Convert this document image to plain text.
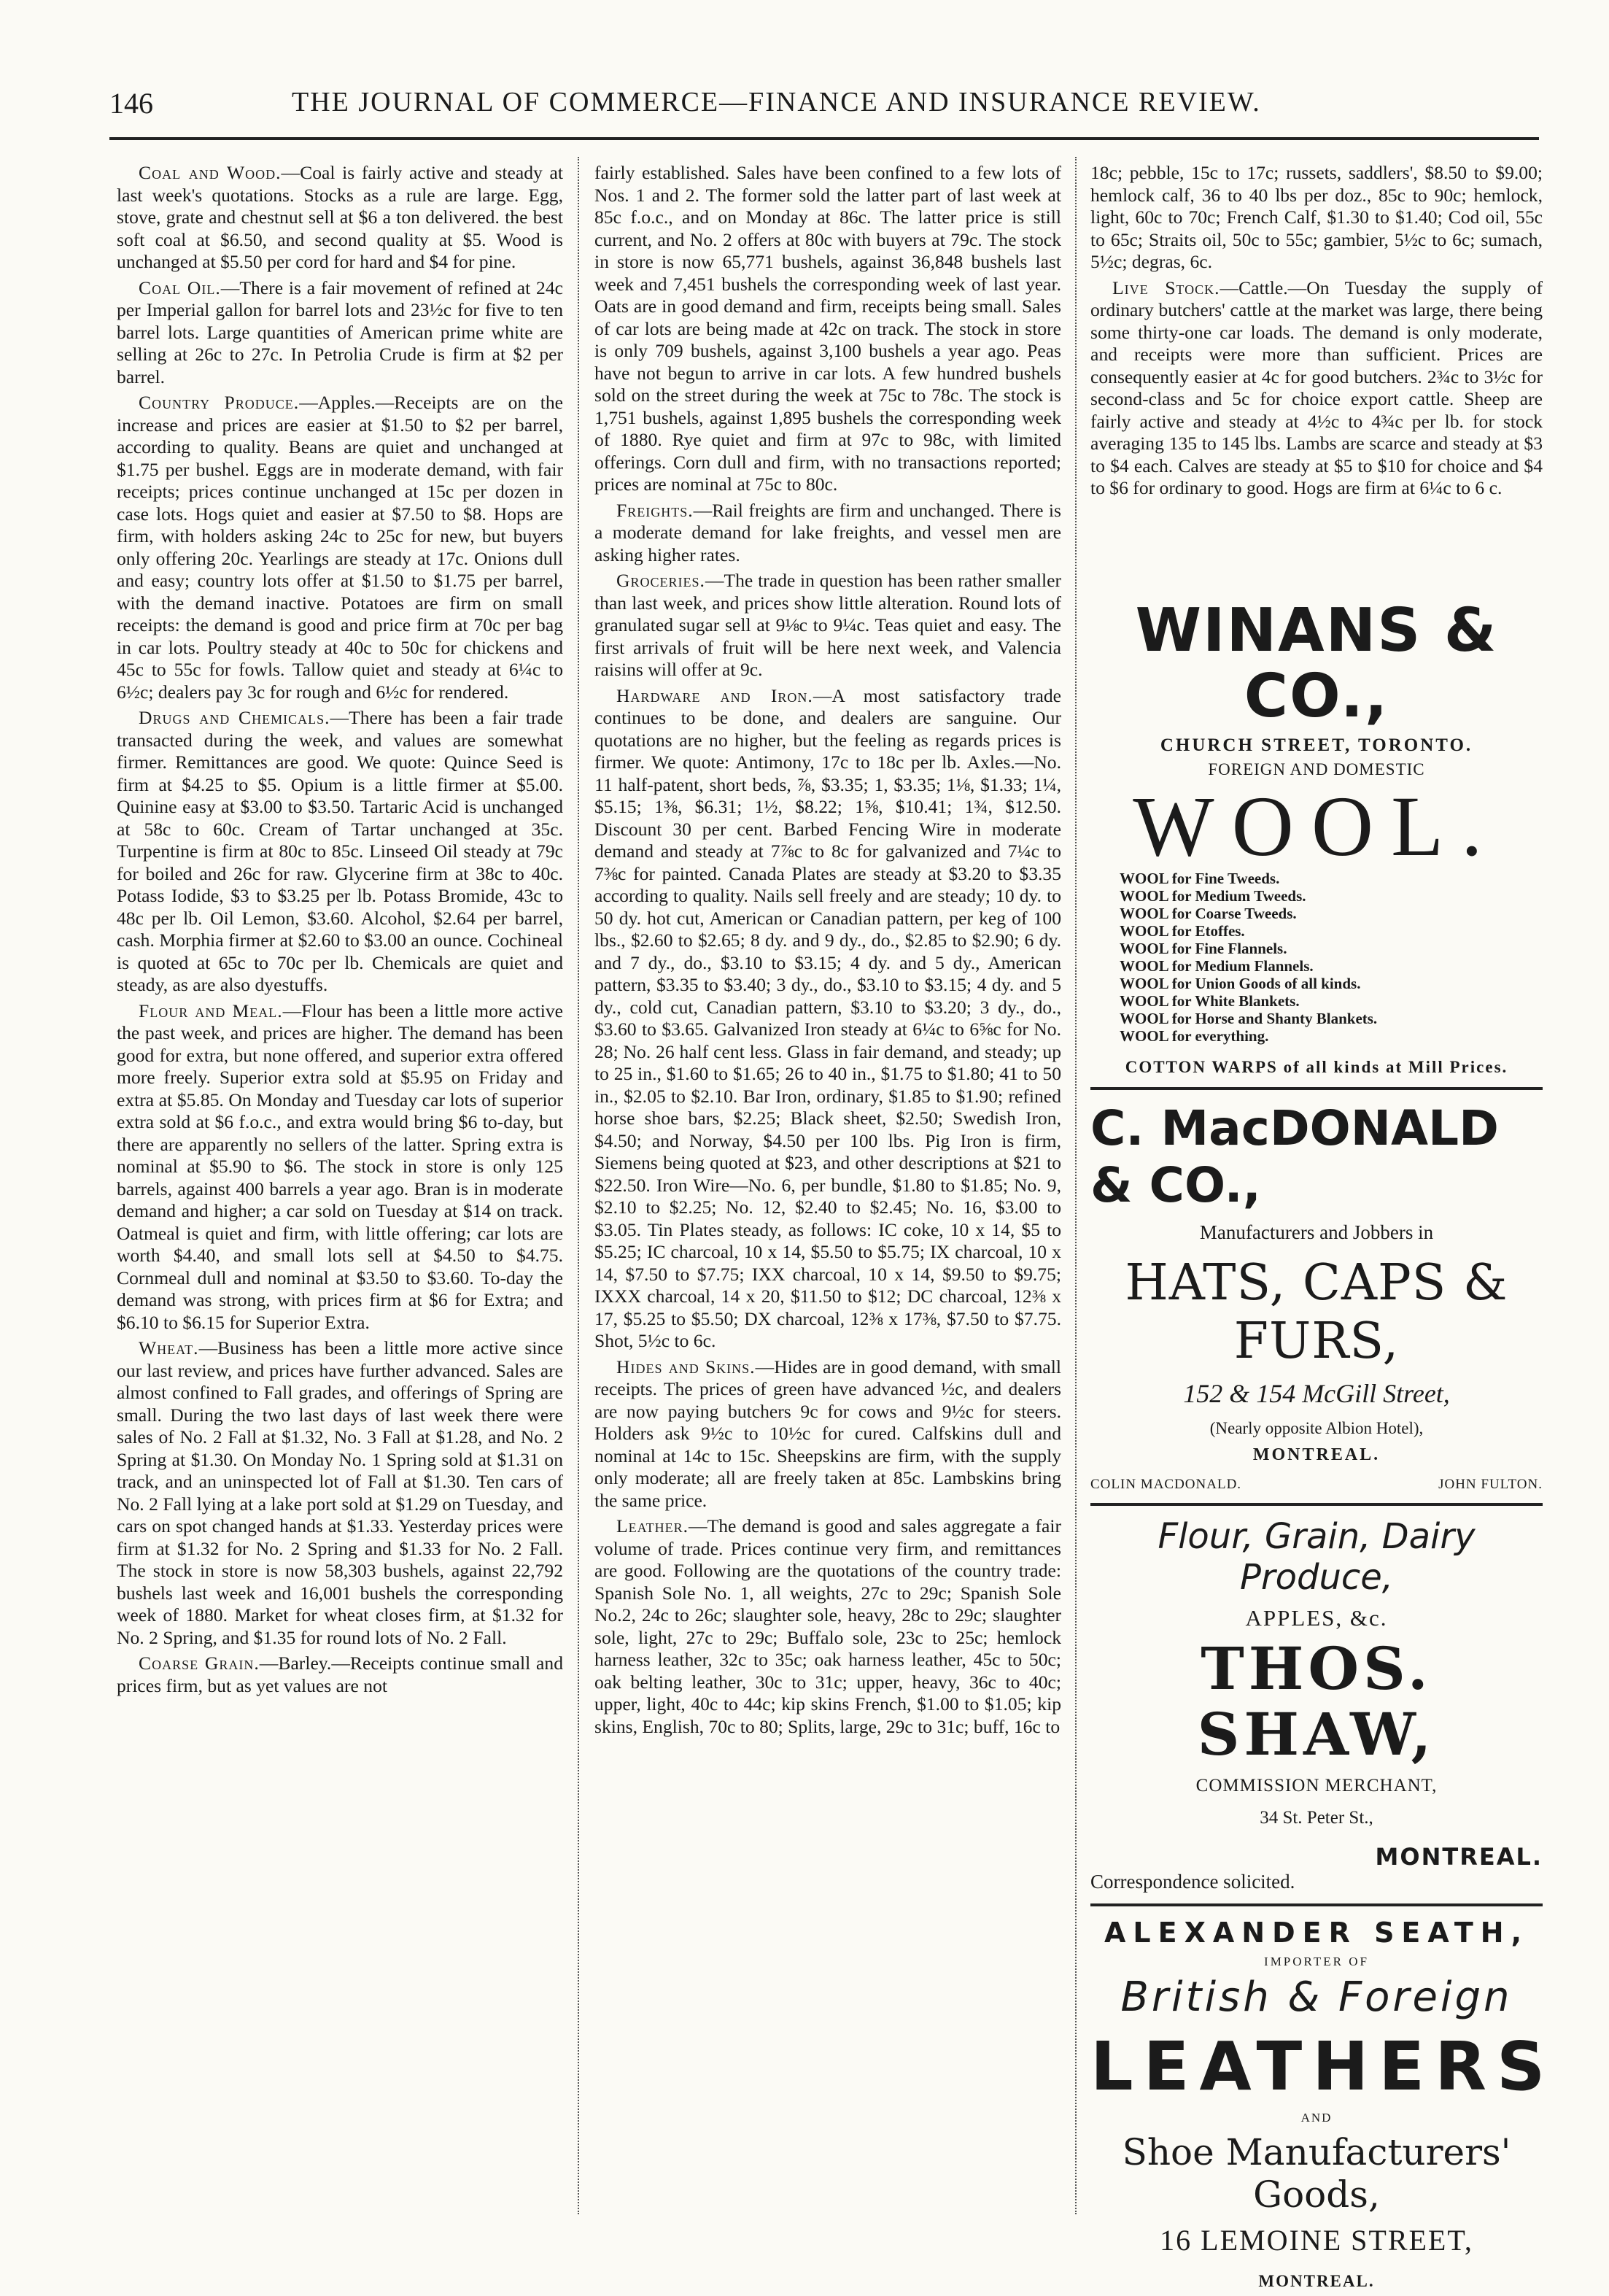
146	THE JOURNAL OF COMMERCE—FINANCE AND INSURANCE REVIEW.

Coal and Wood.—Coal is fairly active and steady at last week's quotations. Stocks as a rule are large. Egg, stove, grate and chestnut sell at $6 a ton delivered. the best soft coal at $6.50, and second quality at $5. Wood is unchanged at $5.50 per cord for hard and $4 for pine.

Coal Oil.—There is a fair movement of refined at 24c per Imperial gallon for barrel lots and 23½c for five to ten barrel lots. Large quantities of American prime white are selling at 26c to 27c. In Petrolia Crude is firm at $2 per barrel.

Country Produce.—Apples.—Receipts are on the increase and prices are easier at $1.50 to $2 per barrel, according to quality. Beans are quiet and unchanged at $1.75 per bushel. Eggs are in moderate demand, with fair receipts; prices continue unchanged at 15c per dozen in case lots. Hogs quiet and easier at $7.50 to $8. Hops are firm, with holders asking 24c to 25c for new, but buyers only offering 20c. Yearlings are steady at 17c. Onions dull and easy; country lots offer at $1.50 to $1.75 per barrel, with the demand inactive. Potatoes are firm on small receipts: the demand is good and price firm at 70c per bag in car lots. Poultry steady at 40c to 50c for chickens and 45c to 55c for fowls. Tallow quiet and steady at 6¼c to 6½c; dealers pay 3c for rough and 6½c for rendered.

Drugs and Chemicals.—There has been a fair trade transacted during the week, and values are somewhat firmer. Remittances are good. We quote: Quince Seed is firm at $4.25 to $5. Opium is a little firmer at $5.00. Quinine easy at $3.00 to $3.50. Tartaric Acid is unchanged at 58c to 60c. Cream of Tartar unchanged at 35c. Turpentine is firm at 80c to 85c. Linseed Oil steady at 79c for boiled and 26c for raw. Glycerine firm at 38c to 40c. Potass Iodide, $3 to $3.25 per lb. Potass Bromide, 43c to 48c per lb. Oil Lemon, $3.60. Alcohol, $2.64 per barrel, cash. Morphia firmer at $2.60 to $3.00 an ounce. Cochineal is quoted at 65c to 70c per lb. Chemicals are quiet and steady, as are also dyestuffs.

Flour and Meal.—Flour has been a little more active the past week, and prices are higher. The demand has been good for extra, but none offered, and superior extra offered more freely. Superior extra sold at $5.95 on Friday and extra at $5.85. On Monday and Tuesday car lots of superior extra sold at $6 f.o.c., and extra would bring $6 to-day, but there are apparently no sellers of the latter. Spring extra is nominal at $5.90 to $6. The stock in store is only 125 barrels, against 400 barrels a year ago. Bran is in moderate demand and higher; a car sold on Tuesday at $14 on track. Oatmeal is quiet and firm, with little offering; car lots are worth $4.40, and small lots sell at $4.50 to $4.75. Cornmeal dull and nominal at $3.50 to $3.60. To-day the demand was strong, with prices firm at $6 for Extra; and $6.10 to $6.15 for Superior Extra.

Wheat.—Business has been a little more active since our last review, and prices have further advanced. Sales are almost confined to Fall grades, and offerings of Spring are small. During the two last days of last week there were sales of No. 2 Fall at $1.32, No. 3 Fall at $1.28, and No. 2 Spring at $1.30. On Monday No. 1 Spring sold at $1.31 on track, and an uninspected lot of Fall at $1.30. Ten cars of No. 2 Fall lying at a lake port sold at $1.29 on Tuesday, and cars on spot changed hands at $1.33. Yesterday prices were firm at $1.32 for No. 2 Spring and $1.33 for No. 2 Fall. The stock in store is now 58,303 bushels, against 22,792 bushels last week and 16,001 bushels the corresponding week of 1880. Market for wheat closes firm, at $1.32 for No. 2 Spring, and $1.35 for round lots of No. 2 Fall.

Coarse Grain.—Barley.—Receipts continue small and prices firm, but as yet values are not

fairly established. Sales have been confined to a few lots of Nos. 1 and 2. The former sold the latter part of last week at 85c f.o.c., and on Monday at 86c. The latter price is still current, and No. 2 offers at 80c with buyers at 79c. The stock in store is now 65,771 bushels, against 36,848 bushels last week and 7,451 bushels the corresponding week of last year. Oats are in good demand and firm, receipts being small. Sales of car lots are being made at 42c on track. The stock in store is only 709 bushels, against 3,100 bushels a year ago. Peas have not begun to arrive in car lots. A few hundred bushels sold on the street during the week at 75c to 78c. The stock is 1,751 bushels, against 1,895 bushels the corresponding week of 1880. Rye quiet and firm at 97c to 98c, with limited offerings. Corn dull and firm, with no transactions reported; prices are nominal at 75c to 80c.

Freights.—Rail freights are firm and unchanged. There is a moderate demand for lake freights, and vessel men are asking higher rates.

Groceries.—The trade in question has been rather smaller than last week, and prices show little alteration. Round lots of granulated sugar sell at 9⅛c to 9¼c. Teas quiet and easy. The first arrivals of fruit will be here next week, and Valencia raisins will offer at 9c.

Hardware and Iron.—A most satisfactory trade continues to be done, and dealers are sanguine. Our quotations are no higher, but the feeling as regards prices is firmer. We quote: Antimony, 17c to 18c per lb. Axles.—No. 11 half-patent, short beds, ⅞, $3.35; 1, $3.35; 1⅛, $1.33; 1¼, $5.15; 1⅜, $6.31; 1½, $8.22; 1⅝, $10.41; 1¾, $12.50. Discount 30 per cent. Barbed Fencing Wire in moderate demand and steady at 7⅞c to 8c for galvanized and 7¼c to 7⅜c for painted. Canada Plates are steady at $3.20 to $3.35 according to quality. Nails sell freely and are steady; 10 dy. to 50 dy. hot cut, American or Canadian pattern, per keg of 100 lbs., $2.60 to $2.65; 8 dy. and 9 dy., do., $2.85 to $2.90; 6 dy. and 7 dy., do., $3.10 to $3.15; 4 dy. and 5 dy., American pattern, $3.35 to $3.40; 3 dy., do., $3.10 to $3.15; 4 dy. and 5 dy., cold cut, Canadian pattern, $3.10 to $3.20; 3 dy., do., $3.60 to $3.65. Galvanized Iron steady at 6¼c to 6⅝c for No. 28; No. 26 half cent less. Glass in fair demand, and steady; up to 25 in., $1.60 to $1.65; 26 to 40 in., $1.75 to $1.80; 41 to 50 in., $2.05 to $2.10. Bar Iron, ordinary, $1.85 to $1.90; refined horse shoe bars, $2.25; Black sheet, $2.50; Swedish Iron, $4.50; and Norway, $4.50 per 100 lbs. Pig Iron is firm, Siemens being quoted at $23, and other descriptions at $21 to $22.50. Iron Wire—No. 6, per bundle, $1.80 to $1.85; No. 9, $2.10 to $2.25; No. 12, $2.40 to $2.45; No. 16, $3.00 to $3.05. Tin Plates steady, as follows: IC coke, 10 x 14, $5 to $5.25; IC charcoal, 10 x 14, $5.50 to $5.75; IX charcoal, 10 x 14, $7.50 to $7.75; IXX charcoal, 10 x 14, $9.50 to $9.75; IXXX charcoal, 14 x 20, $11.50 to $12; DC charcoal, 12⅜ x 17, $5.25 to $5.50; DX charcoal, 12⅜ x 17⅜, $7.50 to $7.75. Shot, 5½c to 6c.

Hides and Skins.—Hides are in good demand, with small receipts. The prices of green have advanced ½c, and dealers are now paying butchers 9c for cows and 9½c for steers. Holders ask 9½c to 10½c for cured. Calfskins dull and nominal at 14c to 15c. Sheepskins are firm, with the supply only moderate; all are freely taken at 85c. Lambskins bring the same price.

Leather.—The demand is good and sales aggregate a fair volume of trade. Prices continue very firm, and remittances are good. Following are the quotations of the country trade: Spanish Sole No. 1, all weights, 27c to 29c; Spanish Sole No.2, 24c to 26c; slaughter sole, heavy, 28c to 29c; slaughter sole, light, 27c to 29c; Buffalo sole, 23c to 25c; hemlock harness leather, 32c to 35c; oak harness leather, 45c to 50c; oak belting leather, 30c to 31c; upper, heavy, 36c to 40c; upper, light, 40c to 44c; kip skins French, $1.00 to $1.05; kip skins, English, 70c to 80; Splits, large, 29c to 31c; buff, 16c to

18c; pebble, 15c to 17c; russets, saddlers', $8.50 to $9.00; hemlock calf, 36 to 40 lbs per doz., 85c to 90c; hemlock, light, 60c to 70c; French Calf, $1.30 to $1.40; Cod oil, 55c to 65c; Straits oil, 50c to 55c; gambier, 5½c to 6c; sumach, 5½c; degras, 6c.

Live Stock.—Cattle.—On Tuesday the supply of ordinary butchers' cattle at the market was large, there being some thirty-one car loads. The demand is only moderate, and receipts were more than sufficient. Prices are consequently easier at 4c for good butchers. 2¾c to 3½c for second-class and 5c for choice export cattle. Sheep are fairly active and steady at 4½c to 4¾c per lb. for stock averaging 135 to 145 lbs. Lambs are scarce and steady at $3 to $4 each. Calves are steady at $5 to $10 for choice and $4 to $6 for ordinary to good. Hogs are firm at 6¼c to 6 c.

WINANS & CO.,
CHURCH STREET, TORONTO.
FOREIGN AND DOMESTIC
WOOL.
WOOL for Fine Tweeds.
WOOL for Medium Tweeds.
WOOL for Coarse Tweeds.
WOOL for Etoffes.
WOOL for Fine Flannels.
WOOL for Medium Flannels.
WOOL for Union Goods of all kinds.
WOOL for White Blankets.
WOOL for Horse and Shanty Blankets.
WOOL for everything.
COTTON WARPS of all kinds at Mill Prices.
C. MacDONALD & CO.,
Manufacturers and Jobbers in
HATS, CAPS & FURS,
152 & 154 McGill Street,
(Nearly opposite Albion Hotel),
MONTREAL.
COLIN MACDONALD.	JOHN FULTON.
Flour, Grain, Dairy Produce,
APPLES, &c.
THOS. SHAW,
COMMISSION MERCHANT,
34 St. Peter St.,
MONTREAL.
Correspondence solicited.
ALEXANDER SEATH,
IMPORTER OF
British & Foreign
LEATHERS
AND
Shoe Manufacturers' Goods,
16 LEMOINE STREET,
MONTREAL.
